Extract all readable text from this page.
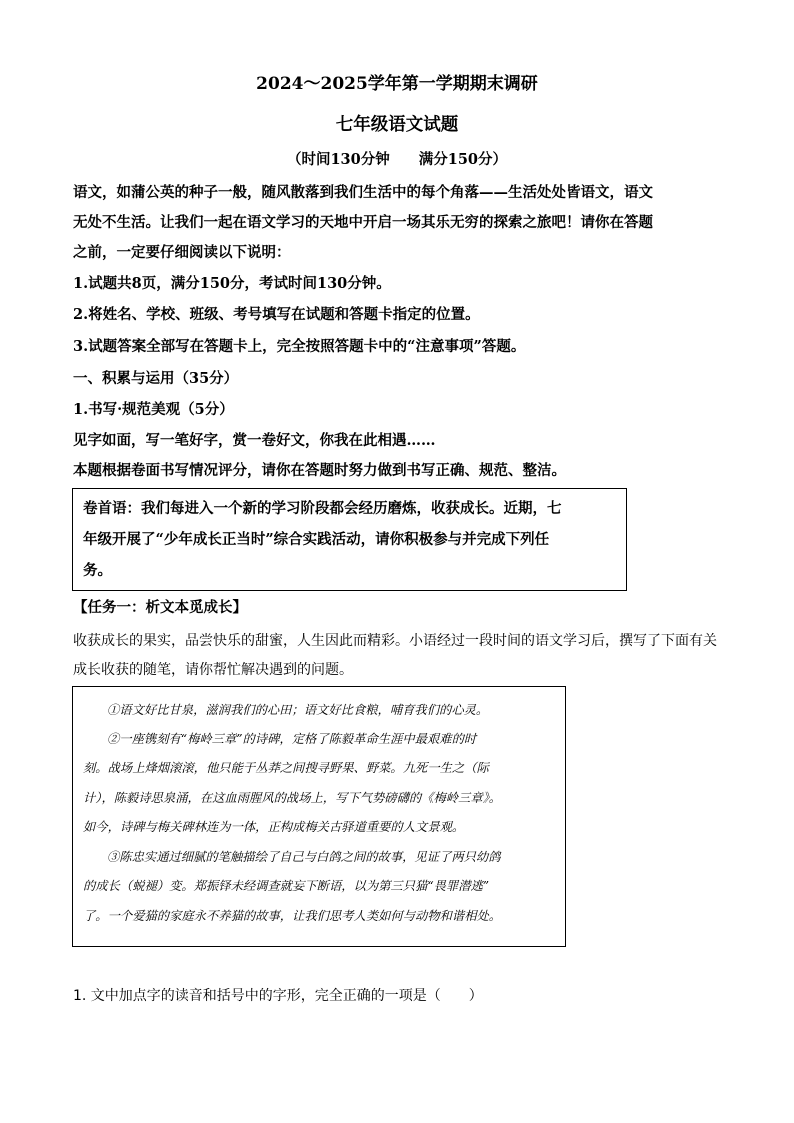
2024～2025学年第一学期期末调研
七年级语文试题
（时间130分钟　　满分150分）
语文，如蒲公英的种子一般，随风散落到我们生活中的每个角落——生活处处皆语文，语文
无处不生活。让我们一起在语文学习的天地中开启一场其乐无穷的探索之旅吧！请你在答题
之前，一定要仔细阅读以下说明：
1.试题共8页，满分150分，考试时间130分钟。
2.将姓名、学校、班级、考号填写在试题和答题卡指定的位置。
3.试题答案全部写在答题卡上，完全按照答题卡中的“注意事项”答题。
一、积累与运用（35分）
1.书写·规范美观（5分）
见字如面，写一笔好字，赏一卷好文，你我在此相遇……
本题根据卷面书写情况评分，请你在答题时努力做到书写正确、规范、整洁。
卷首语：我们每进入一个新的学习阶段都会经历磨炼，收获成长。近期，七
年级开展了“少年成长正当时”综合实践活动，请你积极参与并完成下列任
务。
【任务一：析文本觅成长】
收获成长的果实，品尝快乐的甜蜜，人生因此而精彩。小语经过一段时间的语文学习后，撰写了下面有关
成长收获的随笔，请你帮忙解决遇到的问题。
①语文好比甘泉，滋润我们的心田；语文好比食粮，哺育我们的心灵。
②一座镌刻有“梅岭三章”的诗碑，定格了陈毅革命生涯中最艰难的时
刻。战场上烽烟滚滚，他只能于丛莽之间搜寻野果、野菜。九死一生之（际
计），陈毅诗思泉涌，在这血雨腥风的战场上，写下气势磅礴的《梅岭三章》。
如今，诗碑与梅关碑林连为一体，正构成梅关古驿道重要的人文景观。
③陈忠实通过细腻的笔触描绘了自己与白鸽之间的故事，见证了两只幼鸽
的成长（蜕褪）变。郑振铎未经调查就妄下断语，以为第三只猫“畏罪潜逃”
了。一个爱猫的家庭永不养猫的故事，让我们思考人类如何与动物和谐相处。
1. 文中加点字的读音和括号中的字形，完全正确的一项是（　　）
